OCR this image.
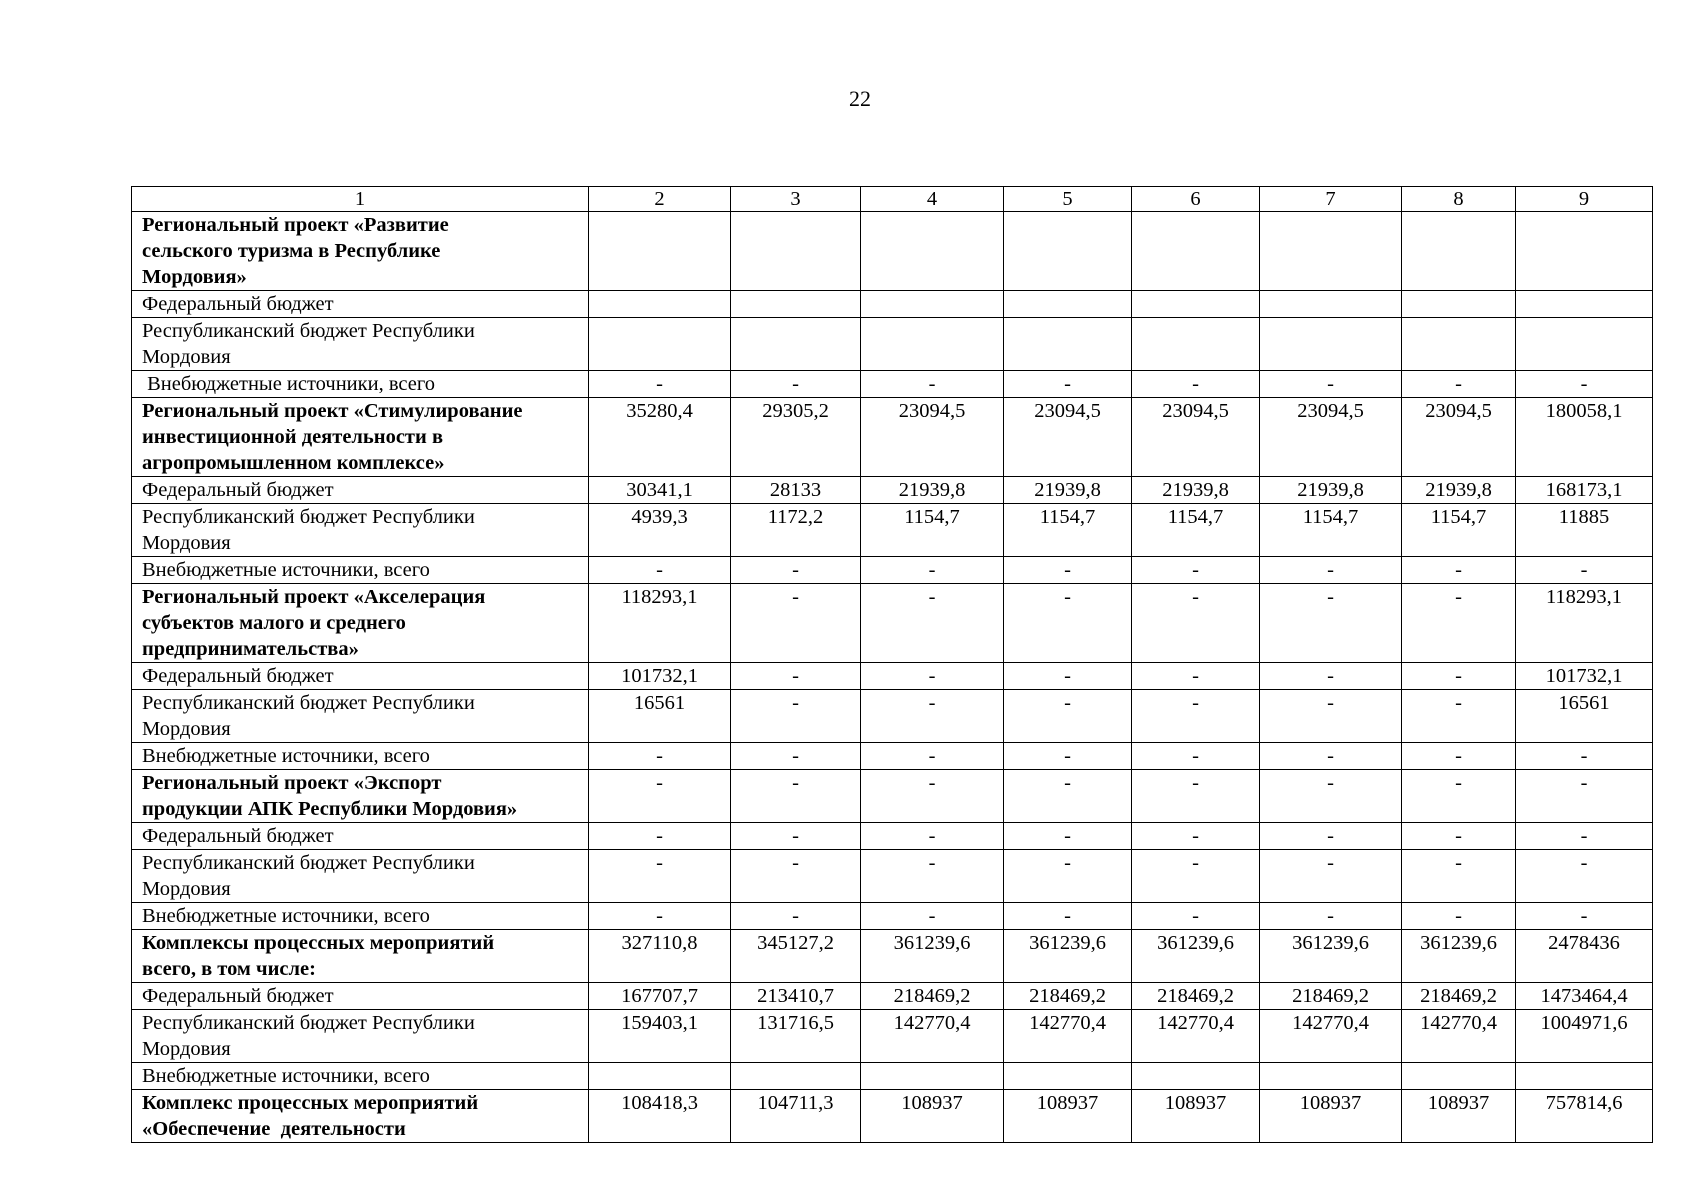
22
1	2	3	4	5	6	7	8	9

Региональный проект «Развитие
сельского туризма в Республике
Мордовия»								

Федеральный бюджет								

Республиканский бюджет Республики
Мордовия								

Внебюджетные источники, всего	-	-	-	-	-	-	-	-

Региональный проект «Стимулирование
инвестиционной деятельности в
агропромышленном комплексе»	35280,4	29305,2	23094,5	23094,5	23094,5	23094,5	23094,5	180058,1

Федеральный бюджет	30341,1	28133	21939,8	21939,8	21939,8	21939,8	21939,8	168173,1

Республиканский бюджет Республики
Мордовия	4939,3	1172,2	1154,7	1154,7	1154,7	1154,7	1154,7	11885

Внебюджетные источники, всего	-	-	-	-	-	-	-	-

Региональный проект «Акселерация
субъектов малого и среднего
предпринимательства»	118293,1	-	-	-	-	-	-	118293,1

Федеральный бюджет	101732,1	-	-	-	-	-	-	101732,1

Республиканский бюджет Республики
Мордовия	16561	-	-	-	-	-	-	16561

Внебюджетные источники, всего	-	-	-	-	-	-	-	-

Региональный проект «Экспорт
продукции АПК Республики Мордовия»	-	-	-	-	-	-	-	-

Федеральный бюджет	-	-	-	-	-	-	-	-

Республиканский бюджет Республики
Мордовия	-	-	-	-	-	-	-	-

Внебюджетные источники, всего	-	-	-	-	-	-	-	-

Комплексы процессных мероприятий
всего, в том числе:	327110,8	345127,2	361239,6	361239,6	361239,6	361239,6	361239,6	2478436

Федеральный бюджет	167707,7	213410,7	218469,2	218469,2	218469,2	218469,2	218469,2	1473464,4

Республиканский бюджет Республики
Мордовия	159403,1	131716,5	142770,4	142770,4	142770,4	142770,4	142770,4	1004971,6

Внебюджетные источники, всего								

Комплекс процессных мероприятий
«Обеспечение  деятельности	108418,3	104711,3	108937	108937	108937	108937	108937	757814,6
